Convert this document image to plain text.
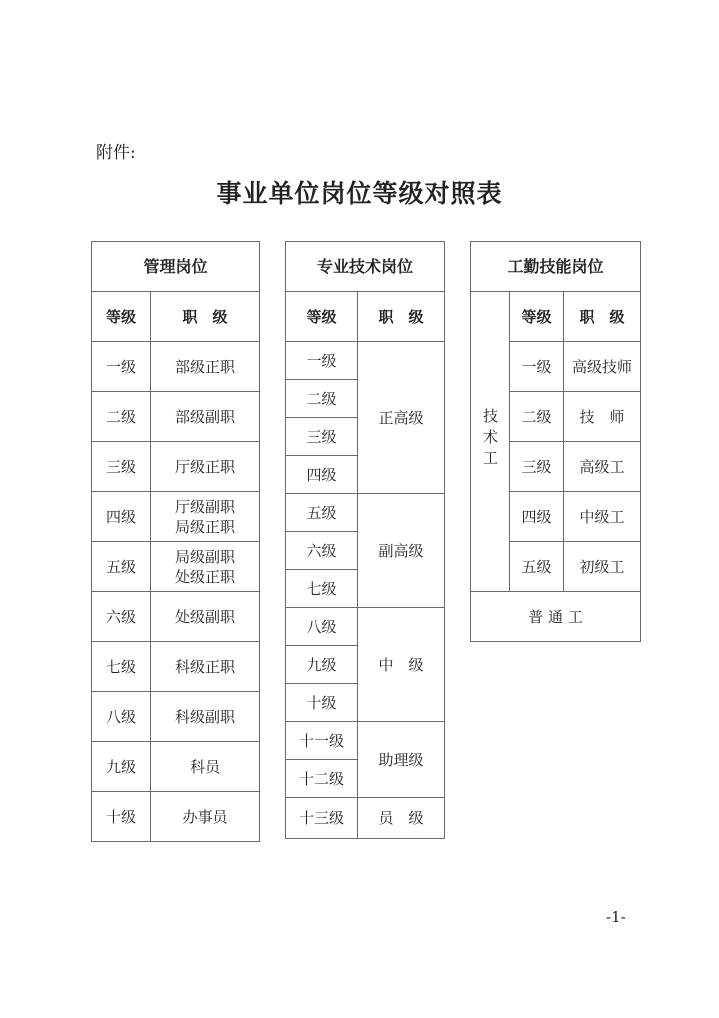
附件:
事业单位岗位等级对照表
管理岗位	
等级	职　级
一级	部级正职
二级	部级副职
三级	厅级正职
四级	厅级副职
局级正职

五级	局级副职
处级正职

六级	处级副职
七级	科级正职
八级	科级副职
九级	科员
十级	办事员
专业技术岗位	
等级	职　级
一级	正高级
二级	
三级	
四级	
五级	副高级
六级	
七级	
八级	中　级
九级	
十级	
十一级	助理级
十二级	
十三级	员　级
工勤技能岗位		
技术工	等级	职　级
	一级	高级技师
	二级	技　师
	三级	高级工
	四级	中级工
	五级	初级工
普 通 工		
-1-
